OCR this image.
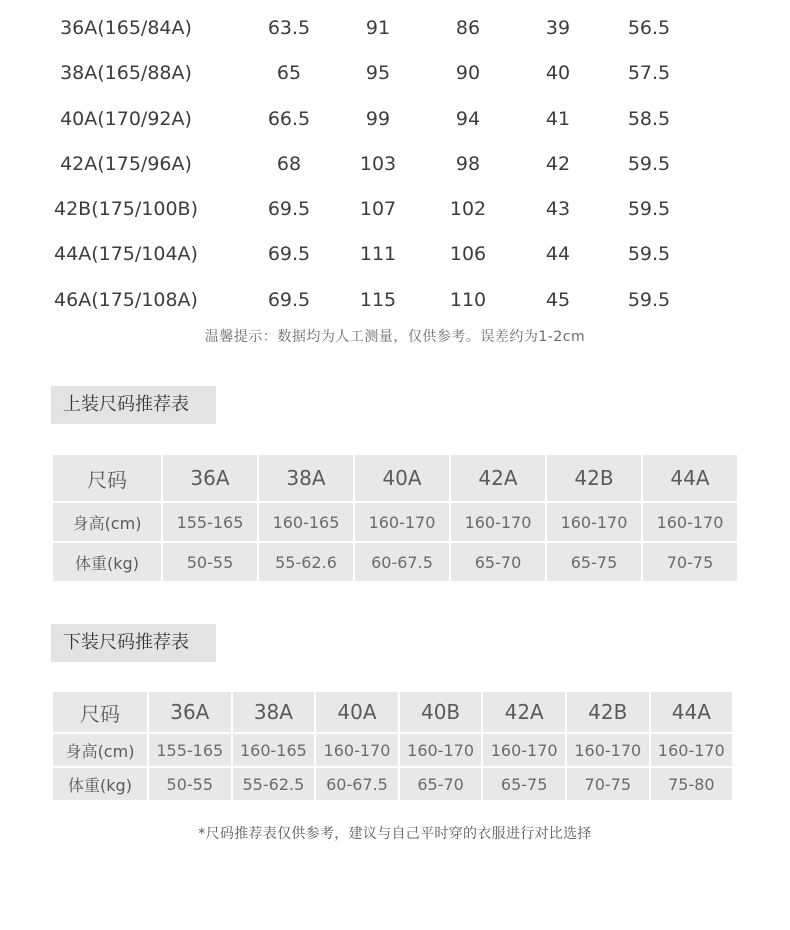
36A(165/84A)	63.5	91	86	39	56.5
38A(165/88A)	65	95	90	40	57.5
40A(170/92A)	66.5	99	94	41	58.5
42A(175/96A)	68	103	98	42	59.5
42B(175/100B)	69.5	107	102	43	59.5
44A(175/104A)	69.5	111	106	44	59.5
46A(175/108A)	69.5	115	110	45	59.5
温馨提示：数据均为人工测量，仅供参考。误差约为1-2cm
上装尺码推荐表
尺码	36A	38A	40A	42A	42B	44A
身高(cm)	155-165	160-165	160-170	160-170	160-170	160-170
体重(kg)	50-55	55-62.6	60-67.5	65-70	65-75	70-75
下装尺码推荐表
尺码	36A	38A	40A	40B	42A	42B	44A
身高(cm)	155-165	160-165	160-170	160-170	160-170	160-170	160-170
体重(kg)	50-55	55-62.5	60-67.5	65-70	65-75	70-75	75-80
*尺码推荐表仅供参考，建议与自己平时穿的衣服进行对比选择
